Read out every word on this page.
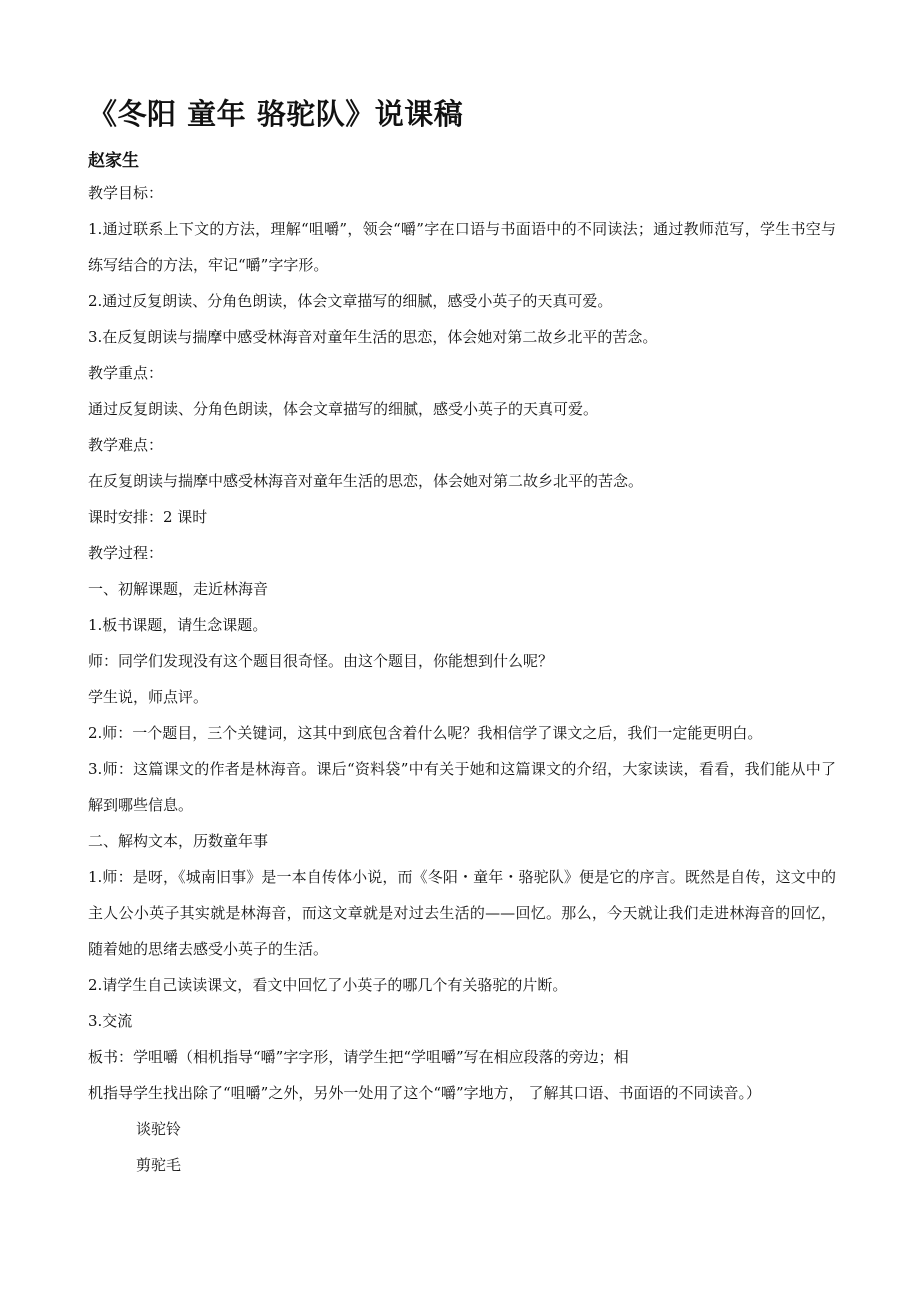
《冬阳 童年 骆驼队》说课稿
赵家生

教学目标：

1.通过联系上下文的方法，理解“咀嚼”，领会“嚼”字在口语与书面语中的不同读法；通过教师范写，学生书空与练写结合的方法，牢记“嚼”字字形。

2.通过反复朗读、分角色朗读，体会文章描写的细腻，感受小英子的天真可爱。

3.在反复朗读与揣摩中感受林海音对童年生活的思恋，体会她对第二故乡北平的苦念。

教学重点：

通过反复朗读、分角色朗读，体会文章描写的细腻，感受小英子的天真可爱。

教学难点：

在反复朗读与揣摩中感受林海音对童年生活的思恋，体会她对第二故乡北平的苦念。

课时安排：2 课时

教学过程：

一、初解课题，走近林海音

1.板书课题，请生念课题。

师：同学们发现没有这个题目很奇怪。由这个题目，你能想到什么呢？

学生说，师点评。

2.师：一个题目，三个关键词，这其中到底包含着什么呢？我相信学了课文之后，我们一定能更明白。

3.师：这篇课文的作者是林海音。课后“资料袋”中有关于她和这篇课文的介绍，大家读读，看看，我们能从中了解到哪些信息。

二、解构文本，历数童年事

1.师：是呀，《城南旧事》是一本自传体小说，而《冬阳・童年・骆驼队》便是它的序言。既然是自传，这文中的主人公小英子其实就是林海音，而这文章就是对过去生活的——回忆。那么，今天就让我们走进林海音的回忆，随着她的思绪去感受小英子的生活。

2.请学生自己读读课文，看文中回忆了小英子的哪几个有关骆驼的片断。

3.交流

板书：学咀嚼（相机指导“嚼”字字形，请学生把“学咀嚼”写在相应段落的旁边；相

机指导学生找出除了“咀嚼”之外，另外一处用了这个“嚼”字地方， 了解其口语、书面语的不同读音。）

谈驼铃

剪驼毛
